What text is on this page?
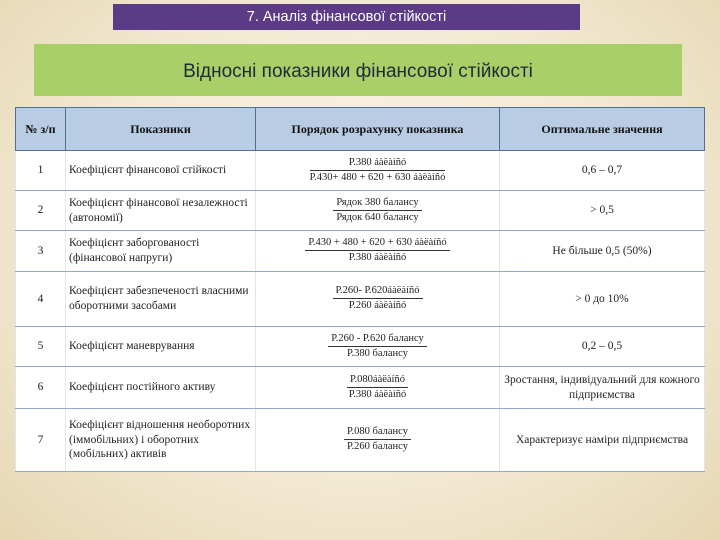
7. Аналіз фінансової стійкості
Відносні показники фінансової стійкості
№ з/п	Показники	Порядок розрахунку показника	Оптимальне значення
1	Коефіцієнт фінансової стійкості	$\frac{\text{Р.380 áàëàíñó}}{\text{Р.430+ 480 + 620 + 630 áàëàíñó}}$	0,6 – 0,7
2	Коефіцієнт фінансової незалежності (автономії)	$\frac{\text{Рядок 380 балансу}}{\text{Рядок 640 балансу}}$	> 0,5
3	Коефіцієнт заборгованості (фінансової напруги)	$\frac{\text{Р.430 + 480 + 620 + 630 áàëàíñó}}{\text{Р.380 áàëàíñó}}$	Не більше 0,5 (50%)
4	Коефіцієнт забезпеченості власними оборотними засобами	$\frac{\text{Р.260- Р.620áàëàíñó}}{\text{Р.260 áàëàíñó}}$	> 0 до 10%
5	Коефіцієнт маневрування	$\frac{\text{Р.260 - Р.620 балансу}}{\text{Р.380 балансу}}$	0,2 – 0,5
6	Коефіцієнт постійного активу	$\frac{\text{Р.080áàëàíñó}}{\text{Р.380 áàëàíñó}}$	Зростання, індивідуальний для кожного підприємства
7	Коефіцієнт відношення необоротних (іммобільних) і оборотних (мобільних) активів	$\frac{\text{Р.080 балансу}}{\text{Р.260 балансу}}$	Характеризує наміри підприємства
